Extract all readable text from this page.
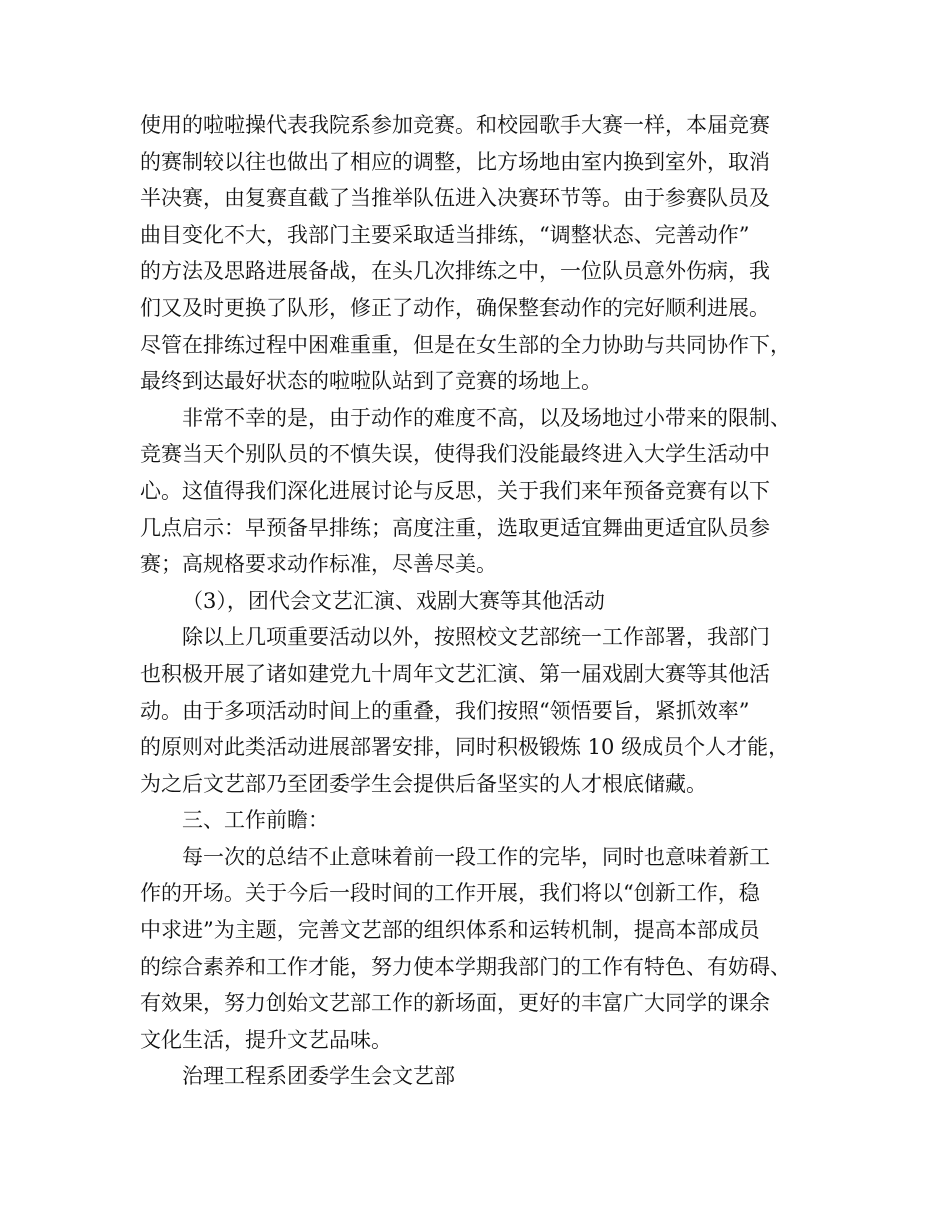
使用的啦啦操代表我院系参加竞赛。和校园歌手大赛一样，本届竞赛
的赛制较以往也做出了相应的调整，比方场地由室内换到室外，取消
半决赛，由复赛直截了当推举队伍进入决赛环节等。由于参赛队员及
曲目变化不大，我部门主要采取适当排练，“调整状态、完善动作”
的方法及思路进展备战，在头几次排练之中，一位队员意外伤病，我
们又及时更换了队形，修正了动作，确保整套动作的完好顺利进展。
尽管在排练过程中困难重重，但是在女生部的全力协助与共同协作下，
最终到达最好状态的啦啦队站到了竞赛的场地上。
非常不幸的是，由于动作的难度不高，以及场地过小带来的限制、
竞赛当天个别队员的不慎失误，使得我们没能最终进入大学生活动中
心。这值得我们深化进展讨论与反思，关于我们来年预备竞赛有以下
几点启示：早预备早排练；高度注重，选取更适宜舞曲更适宜队员参
赛；高规格要求动作标准，尽善尽美。
（3），团代会文艺汇演、戏剧大赛等其他活动
除以上几项重要活动以外，按照校文艺部统一工作部署，我部门
也积极开展了诸如建党九十周年文艺汇演、第一届戏剧大赛等其他活
动。由于多项活动时间上的重叠，我们按照“领悟要旨，紧抓效率”
的原则对此类活动进展部署安排，同时积极锻炼 10 级成员个人才能，
为之后文艺部乃至团委学生会提供后备坚实的人才根底储藏。
三、工作前瞻：
每一次的总结不止意味着前一段工作的完毕，同时也意味着新工
作的开场。关于今后一段时间的工作开展，我们将以“创新工作，稳
中求进”为主题，完善文艺部的组织体系和运转机制，提高本部成员
的综合素养和工作才能，努力使本学期我部门的工作有特色、有妨碍、
有效果，努力创始文艺部工作的新场面，更好的丰富广大同学的课余
文化生活，提升文艺品味。
治理工程系团委学生会文艺部
